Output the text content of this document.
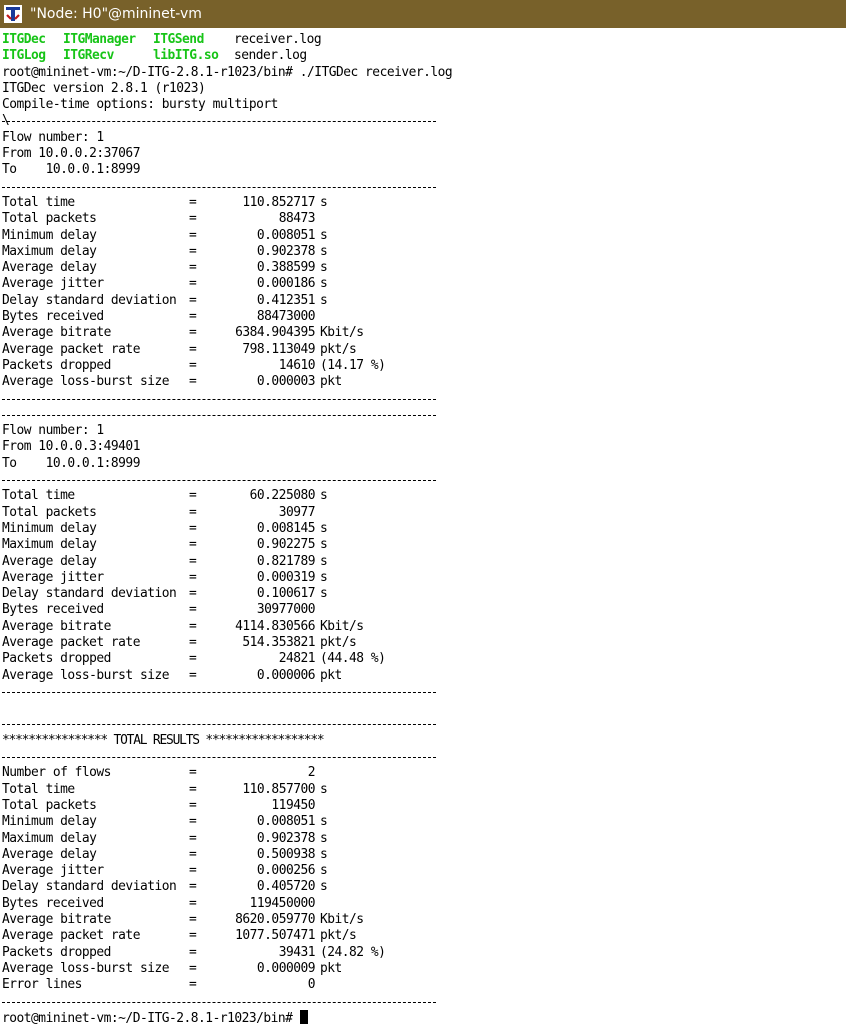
"Node: H0"@mininet-vm
ITGDec ITGManager ITGSend receiver.log
ITGLog ITGRecv	libITG.so sender.log
root@mininet-vm:~/D-ITG-2.8.1-r1023/bin# ./ITGDec receiver.log
ITGDec version 2.8.1 (r1023)
Compile-time options: bursty multiport
\
Flow number: 1
From 10.0.0.2:37067
To    10.0.0.1:8999
Total time	=	110.852717 s
Total packets	=	88473
Minimum delay	=	0.008051 s
Maximum delay	=	0.902378 s
Average delay	=	0.388599 s
Average jitter	=	0.000186 s
Delay standard deviation =	0.412351 s
Bytes received	=	88473000
Average bitrate	=	6384.904395 Kbit/s
Average packet rate	=	798.113049 pkt/s
Packets dropped	=	14610 (14.17 %)
Average loss-burst size =	0.000003 pkt
Flow number: 1
From 10.0.0.3:49401
To    10.0.0.1:8999
Total time	=	60.225080 s
Total packets	=	30977
Minimum delay	=	0.008145 s
Maximum delay	=	0.902275 s
Average delay	=	0.821789 s
Average jitter	=	0.000319 s
Delay standard deviation =	0.100617 s
Bytes received	=	30977000
Average bitrate	=	4114.830566 Kbit/s
Average packet rate	=	514.353821 pkt/s
Packets dropped	=	24821 (44.48 %)
Average loss-burst size =	0.000006 pkt
**************** TOTAL RESULTS ******************
Number of flows	=	2
Total time	=	110.857700 s
Total packets	=	119450
Minimum delay	=	0.008051 s
Maximum delay	=	0.902378 s
Average delay	=	0.500938 s
Average jitter	=	0.000256 s
Delay standard deviation =	0.405720 s
Bytes received	=	119450000
Average bitrate	=	8620.059770 Kbit/s
Average packet rate	=	1077.507471 pkt/s
Packets dropped	=	39431 (24.82 %)
Average loss-burst size =	0.000009 pkt
Error lines	=	0
root@mininet-vm:~/D-ITG-2.8.1-r1023/bin#
